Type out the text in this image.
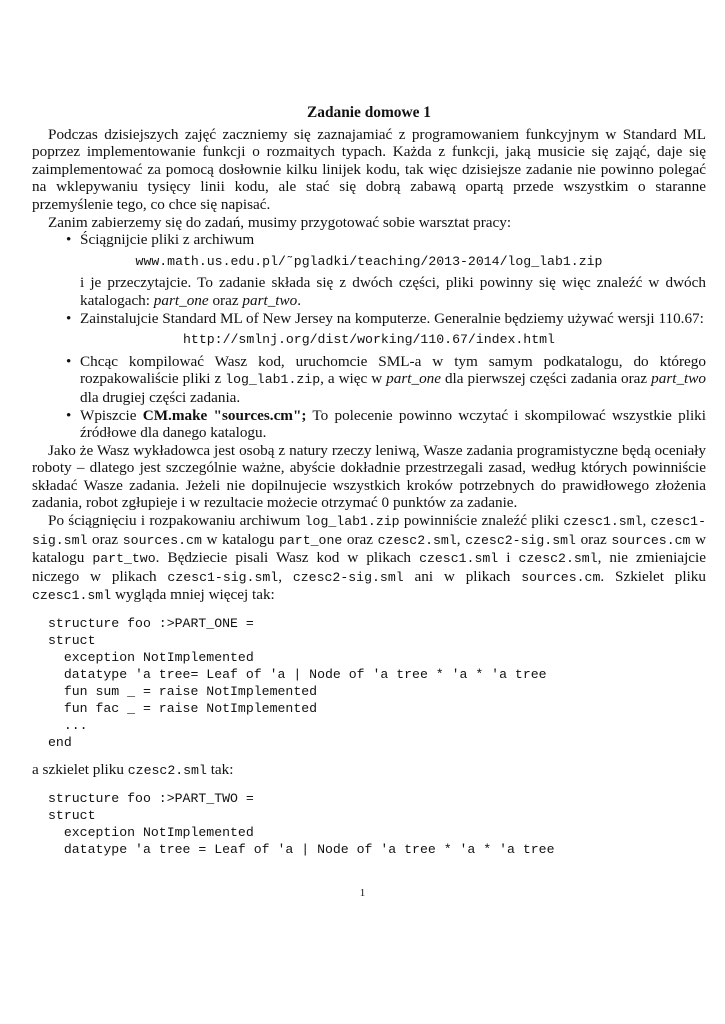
Zadanie domowe 1

Podczas dzisiejszych zajęć zaczniemy się zaznajamiać z programowaniem funkcyjnym w Standard ML poprzez implementowanie funkcji o rozmaitych typach. Każda z funkcji, jaką musicie się zająć, daje się zaimplementować za pomocą dosłownie kilku linijek kodu, tak więc dzisiejsze zadanie nie powinno polegać na wklepywaniu tysięcy linii kodu, ale stać się dobrą zabawą opartą przede wszystkim o staranne przemyślenie tego, co chce się napisać.

Zanim zabierzemy się do zadań, musimy przygotować sobie warsztat pracy:

• Ściągnijcie pliki z archiwum
www.math.us.edu.pl/˜pgladki/teaching/2013-2014/log_lab1.zip
i je przeczytajcie. To zadanie składa się z dwóch części, pliki powinny się więc znaleźć w dwóch katalogach: part_one oraz part_two.
• Zainstalujcie Standard ML of New Jersey na komputerze. Generalnie będziemy używać wersji 110.67:
http://smlnj.org/dist/working/110.67/index.html
• Chcąc kompilować Wasz kod, uruchomcie SML-a w tym samym podkatalogu, do którego rozpakowaliście pliki z log_lab1.zip, a więc w part_one dla pierwszej części zadania oraz part_two dla drugiej części zadania.
• Wpiszcie CM.make "sources.cm"; To polecenie powinno wczytać i skompilować wszystkie pliki źródłowe dla danego katalogu.

Jako że Wasz wykładowca jest osobą z natury rzeczy leniwą, Wasze zadania programistyczne będą oceniały roboty – dlatego jest szczególnie ważne, abyście dokładnie przestrzegali zasad, według których powinniście składać Wasze zadania. Jeżeli nie dopilnujecie wszystkich kroków potrzebnych do prawidłowego złożenia zadania, robot zgłupieje i w rezultacie możecie otrzymać 0 punktów za zadanie.

Po ściągnięciu i rozpakowaniu archiwum log_lab1.zip powinniście znaleźć pliki czesc1.sml, czesc1-sig.sml oraz sources.cm w katalogu part_one oraz czesc2.sml, czesc2-sig.sml oraz sources.cm w katalogu part_two. Będziecie pisali Wasz kod w plikach czesc1.sml i czesc2.sml, nie zmieniajcie niczego w plikach czesc1-sig.sml, czesc2-sig.sml ani w plikach sources.cm. Szkielet pliku czesc1.sml wygląda mniej więcej tak:

structure foo :>PART_ONE =
struct
exception NotImplemented
datatype 'a tree= Leaf of 'a | Node of 'a tree * 'a * 'a tree
fun sum _ = raise NotImplemented
fun fac _ = raise NotImplemented
...
end

a szkielet pliku czesc2.sml tak:

structure foo :>PART_TWO =
struct
exception NotImplemented
datatype 'a tree = Leaf of 'a | Node of 'a tree * 'a * 'a tree
1
